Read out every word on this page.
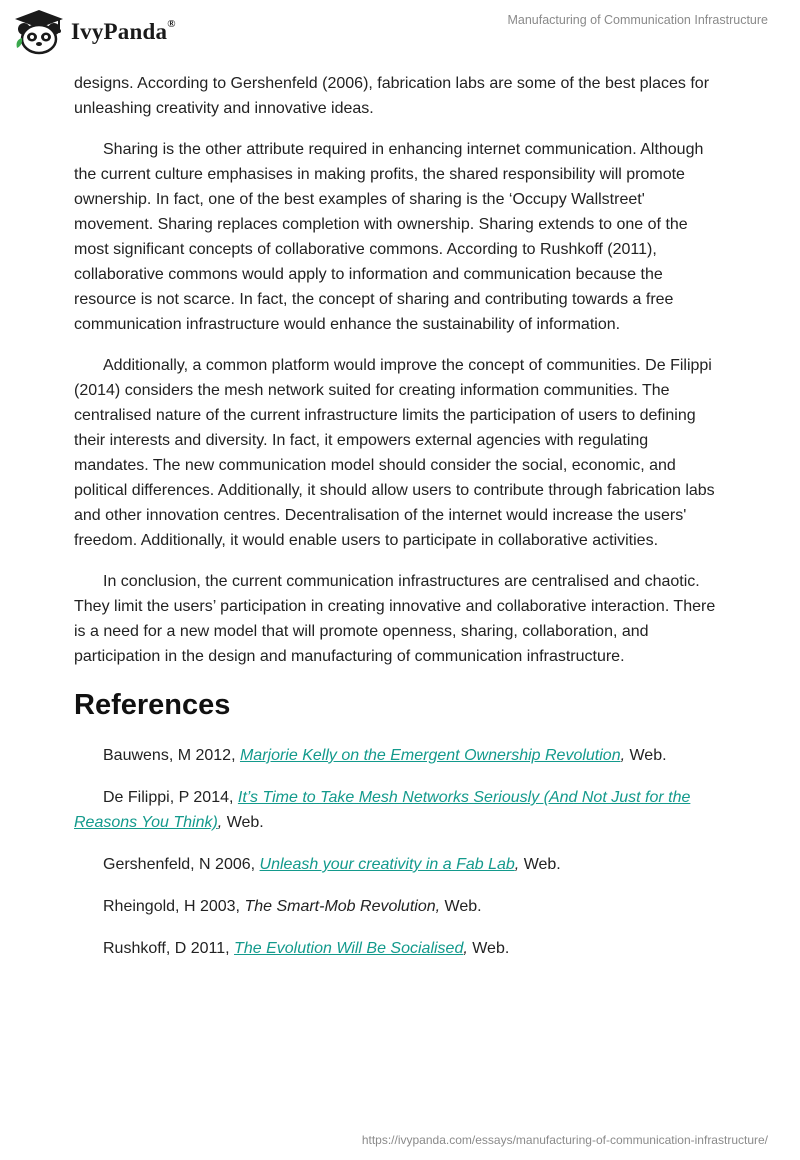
IvyPanda®	Manufacturing of Communication Infrastructure

designs. According to Gershenfeld (2006), fabrication labs are some of the best places for unleashing creativity and innovative ideas.

Sharing is the other attribute required in enhancing internet communication. Although the current culture emphasises in making profits, the shared responsibility will promote ownership. In fact, one of the best examples of sharing is the ‘Occupy Wallstreet' movement. Sharing replaces completion with ownership. Sharing extends to one of the most significant concepts of collaborative commons. According to Rushkoff (2011), collaborative commons would apply to information and communication because the resource is not scarce. In fact, the concept of sharing and contributing towards a free communication infrastructure would enhance the sustainability of information.

Additionally, a common platform would improve the concept of communities. De Filippi (2014) considers the mesh network suited for creating information communities. The centralised nature of the current infrastructure limits the participation of users to defining their interests and diversity. In fact, it empowers external agencies with regulating mandates. The new communication model should consider the social, economic, and political differences. Additionally, it should allow users to contribute through fabrication labs and other innovation centres. Decentralisation of the internet would increase the users' freedom. Additionally, it would enable users to participate in collaborative activities.

In conclusion, the current communication infrastructures are centralised and chaotic. They limit the users’ participation in creating innovative and collaborative interaction. There is a need for a new model that will promote openness, sharing, collaboration, and participation in the design and manufacturing of communication infrastructure.

References

Bauwens, M 2012, Marjorie Kelly on the Emergent Ownership Revolution, Web.

De Filippi, P 2014, It’s Time to Take Mesh Networks Seriously (And Not Just for the Reasons You Think), Web.

Gershenfeld, N 2006, Unleash your creativity in a Fab Lab, Web.

Rheingold, H 2003, The Smart-Mob Revolution, Web.

Rushkoff, D 2011, The Evolution Will Be Socialised, Web.

https://ivypanda.com/essays/manufacturing-of-communication-infrastructure/
